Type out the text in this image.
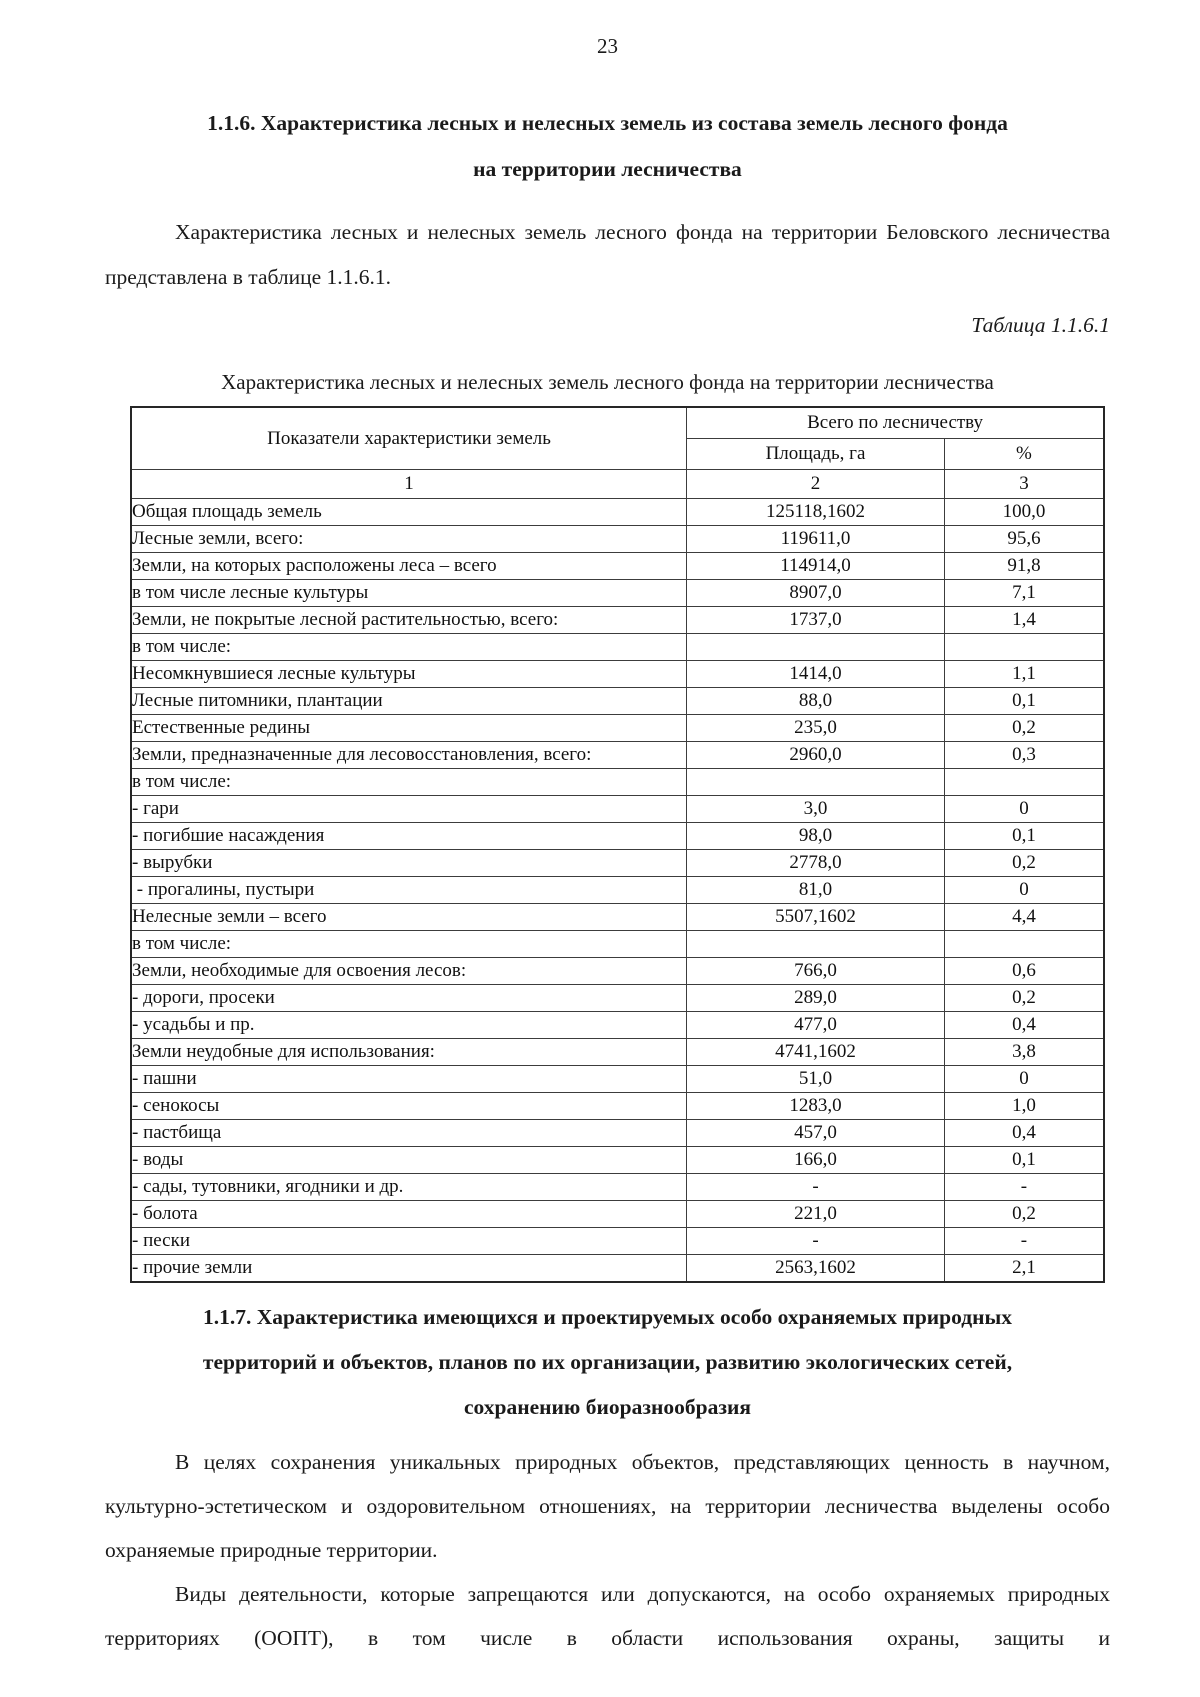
23
1.1.6. Характеристика лесных и нелесных земель из состава земель лесного фонда
на территории лесничества
Характеристика лесных и нелесных земель лесного фонда на территории Беловского лесничества представлена в таблице 1.1.6.1.
Таблица 1.1.6.1
Характеристика лесных и нелесных земель лесного фонда на территории лесничества
Показатели характеристики земель	Всего по лесничеству	
	Площадь, га	%
1	2	3
Общая площадь земель	125118,1602	100,0
Лесные земли, всего:	119611,0	95,6
Земли, на которых расположены леса – всего	114914,0	91,8
в том числе лесные культуры	8907,0	7,1
Земли, не покрытые лесной растительностью, всего:	1737,0	1,4
в том числе:		
Несомкнувшиеся лесные культуры	1414,0	1,1
Лесные питомники, плантации	88,0	0,1
Естественные редины	235,0	0,2
Земли, предназначенные для лесовосстановления, всего:	2960,0	0,3
в том числе:		
- гари	3,0	0
- погибшие насаждения	98,0	0,1
- вырубки	2778,0	0,2
- прогалины, пустыри	81,0	0
Нелесные земли – всего	5507,1602	4,4
в том числе:		
Земли, необходимые для освоения лесов:	766,0	0,6
- дороги, просеки	289,0	0,2
- усадьбы и пр.	477,0	0,4
Земли неудобные для использования:	4741,1602	3,8
- пашни	51,0	0
- сенокосы	1283,0	1,0
- пастбища	457,0	0,4
- воды	166,0	0,1
- сады, тутовники, ягодники и др.	-	-
- болота	221,0	0,2
- пески	-	-
- прочие земли	2563,1602	2,1
1.1.7. Характеристика имеющихся и проектируемых особо охраняемых природных
территорий и объектов, планов по их организации, развитию экологических сетей,
сохранению биоразнообразия
В целях сохранения уникальных природных объектов, представляющих ценность в научном, культурно-эстетическом и оздоровительном отношениях, на территории лесничества выделены особо охраняемые природные территории.
Виды деятельности, которые запрещаются или допускаются, на особо охраняемых природных территориях (ООПТ), в том числе в области использования охраны, защиты и
